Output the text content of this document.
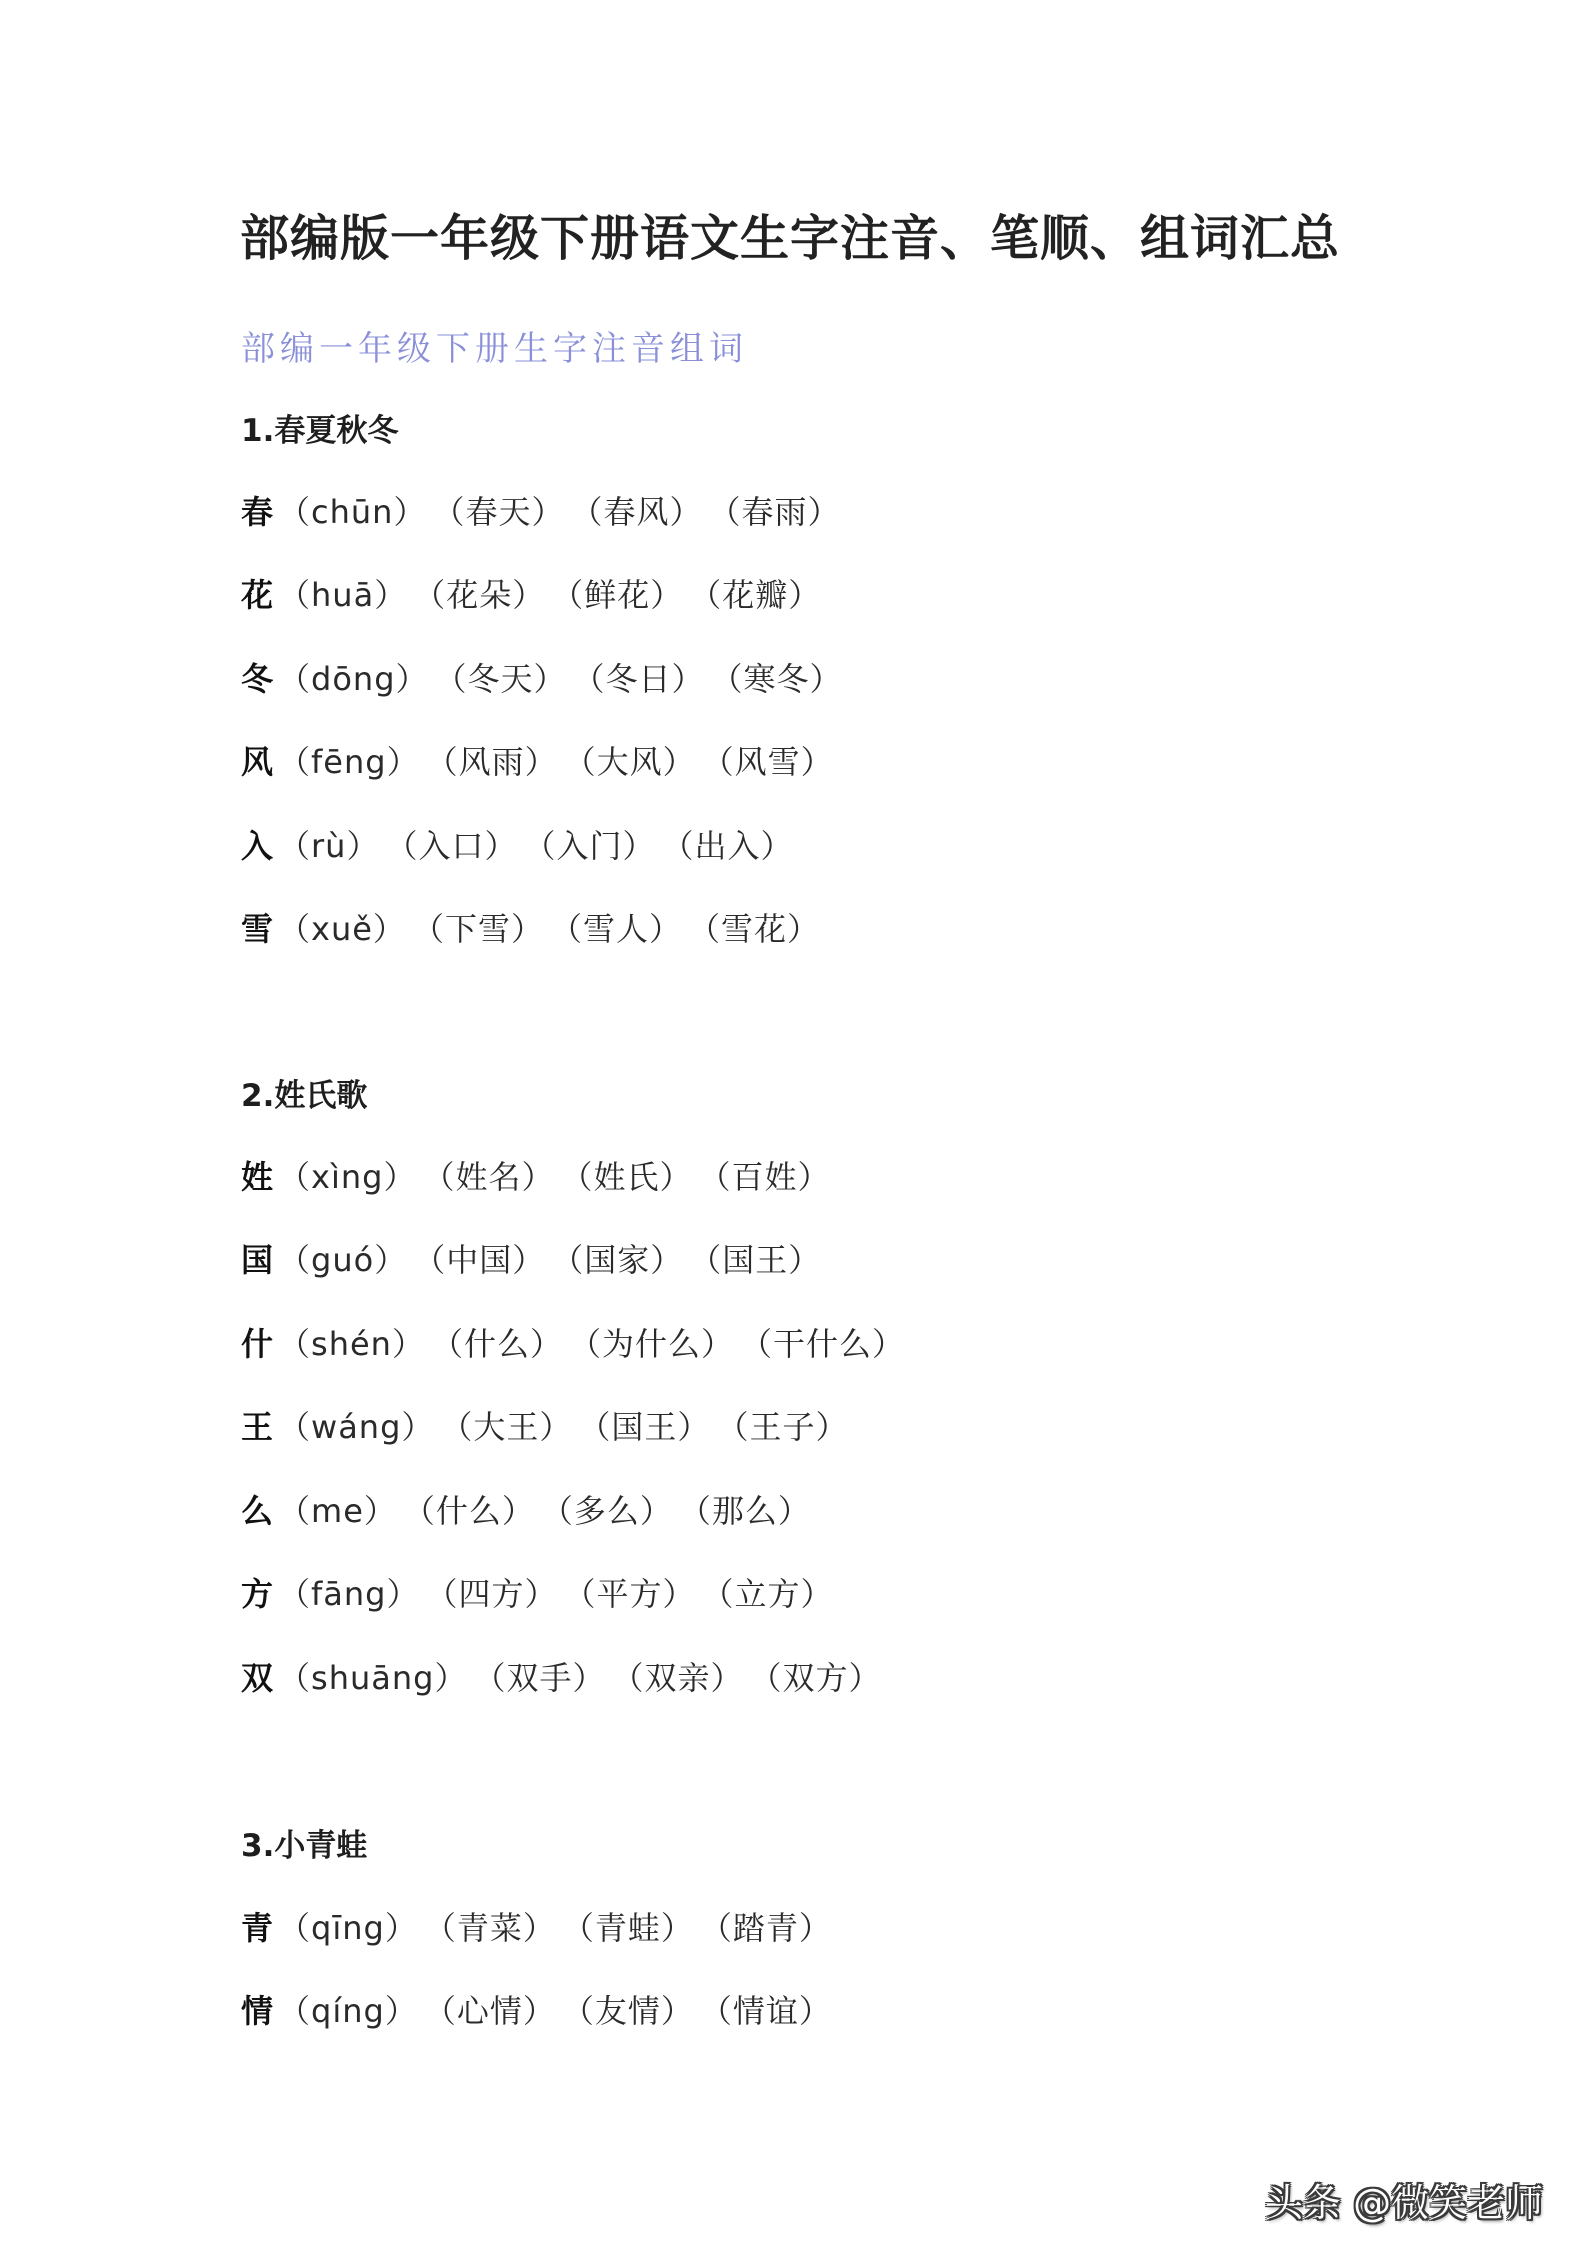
部编版一年级下册语文生字注音、笔顺、组词汇总
部编一年级下册生字注音组词
1.春夏秋冬
春 （chūn） （春天） （春风） （春雨）
花 （huā） （花朵） （鲜花） （花瓣）
冬 （dōng） （冬天） （冬日） （寒冬）
风 （fēng） （风雨） （大风） （风雪）
入 （rù） （入口） （入门） （出入）
雪 （xuě） （下雪） （雪人） （雪花）
2.姓氏歌
姓 （xìng） （姓名） （姓氏） （百姓）
国 （guó） （中国） （国家） （国王）
什 （shén） （什么） （为什么） （干什么）
王 （wáng） （大王） （国王） （王子）
么 （me） （什么） （多么） （那么）
方 （fāng） （四方） （平方） （立方）
双 （shuāng） （双手） （双亲） （双方）
3.小青蛙
青 （qīng） （青菜） （青蛙） （踏青）
情 （qíng） （心情） （友情） （情谊）
头条 @微笑老师
